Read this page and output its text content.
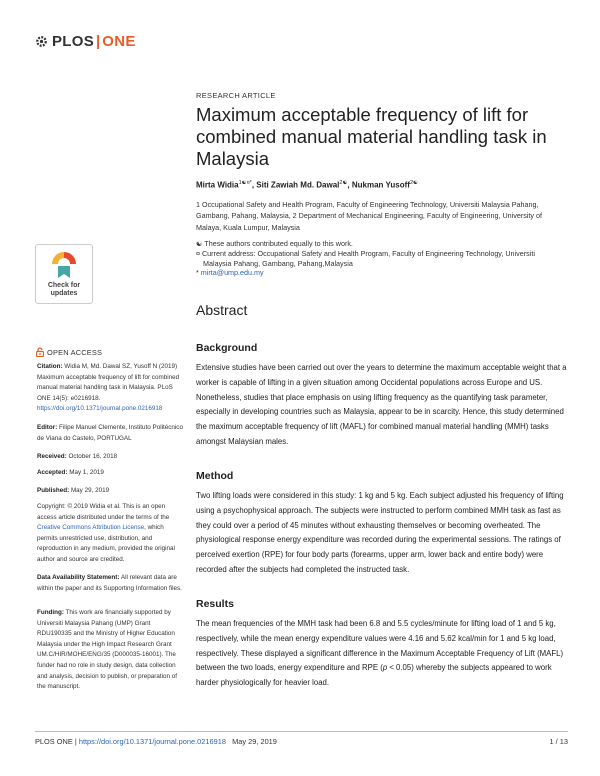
PLOS | ONE
RESEARCH ARTICLE
Maximum acceptable frequency of lift for combined manual material handling task in Malaysia
Mirta Widia$^{1☯¤*}$, Siti Zawiah Md. Dawal$^{2☯}$, Nukman Yusoff$^{2☯}$
1 Occupational Safety and Health Program, Faculty of Engineering Technology, Universiti Malaysia Pahang, Gambang, Pahang, Malaysia, 2 Department of Mechanical Engineering, Faculty of Engineering, University of Malaya, Kuala Lumpur, Malaysia
☯ These authors contributed equally to this work.
¤ Current address: Occupational Safety and Health Program, Faculty of Engineering Technology, Universiti
Malaysia Pahang, Gambang, Pahang,Malaysia
* mirta@ump.edu.my
Abstract
Background
Extensive studies have been carried out over the years to determine the maximum acceptable weight that a worker is capable of lifting in a given situation among Occidental populations across Europe and US. Nonetheless, studies that place emphasis on using lifting frequency as the quantifying task parameter, especially in developing countries such as Malaysia, appear to be in scarcity. Hence, this study determined the maximum acceptable frequency of lift (MAFL) for combined manual material handling (MMH) tasks amongst Malaysian males.
Method
Two lifting loads were considered in this study: 1 kg and 5 kg. Each subject adjusted his frequency of lifting using a psychophysical approach. The subjects were instructed to perform combined MMH task as fast as they could over a period of 45 minutes without exhausting themselves or becoming overheated. The physiological response energy expenditure was recorded during the experimental sessions. The ratings of perceived exertion (RPE) for four body parts (forearms, upper arm, lower back and entire body) were recorded after the subjects had completed the instructed task.
Results
The mean frequencies of the MMH task had been 6.8 and 5.5 cycles/minute for lifting load of 1 and 5 kg, respectively, while the mean energy expenditure values were 4.16 and 5.62 kcal/min for 1 and 5 kg load, respectively. These displayed a significant difference in the Maximum Acceptable Frequency of Lift (MAFL) between the two loads, energy expenditure and RPE (p < 0.05) whereby the subjects appeared to work harder physiologically for heavier load.
Check for updates
OPEN ACCESS
Citation: Widia M, Md. Dawal SZ, Yusoff N (2019) Maximum acceptable frequency of lift for combined manual material handling task in Malaysia. PLoS ONE 14(5): e0216918. https://doi.org/10.1371/journal.pone.0216918
Editor: Filipe Manuel Clemente, Instituto Politécnico de Viana do Castelo, PORTUGAL
Received: October 16, 2018
Accepted: May 1, 2019
Published: May 29, 2019
Copyright: © 2019 Widia et al. This is an open access article distributed under the terms of the Creative Commons Attribution License, which permits unrestricted use, distribution, and reproduction in any medium, provided the original author and source are credited.
Data Availability Statement: All relevant data are within the paper and its Supporting Information files.
Funding: This work are financially supported by Universiti Malaysia Pahang (UMP) Grant RDU190335 and the Ministry of Higher Education Malaysia under the High Impact Research Grant UM.C/HIR/MOHE/ENG/35 (D000035-16001). The funder had no role in study design, data collection and analysis, decision to publish, or preparation of the manuscript.
PLOS ONE | https://doi.org/10.1371/journal.pone.0216918 May 29, 2019	1 / 13
